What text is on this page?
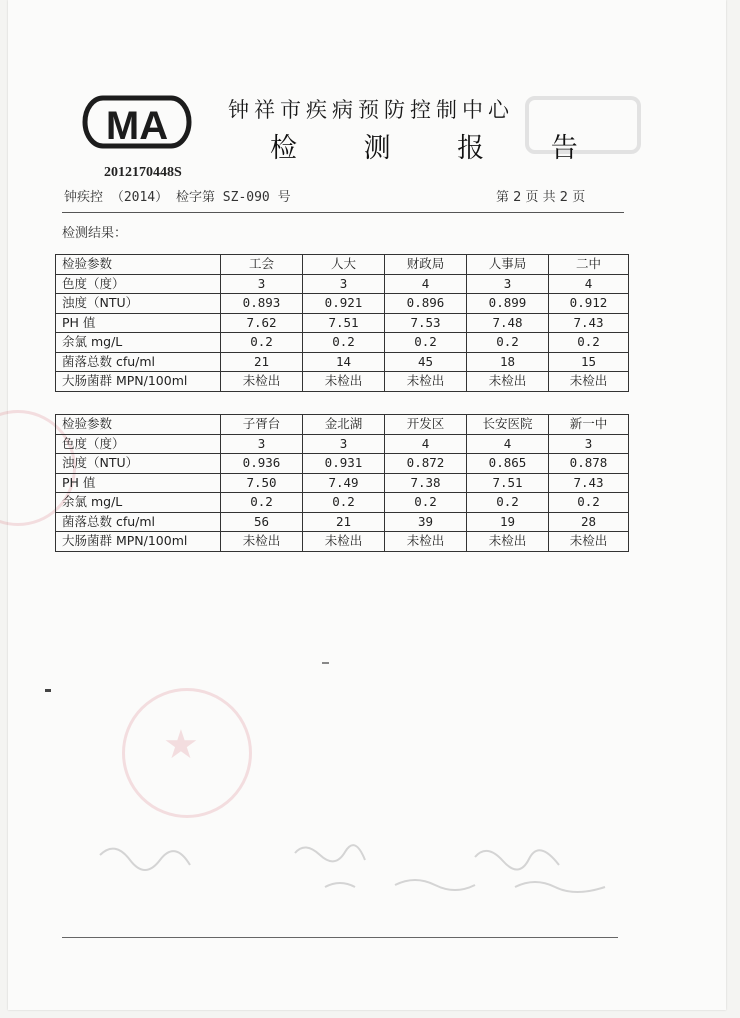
★
MA	钟祥市疾病预防控制中心
检 测 报 告
2012170448S
钟疾控 （2014） 检字第 SZ-090 号	第 2 页 共 2 页
检测结果：
检验参数	工会	人大	财政局	人事局	二中
色度（度）	3	3	4	3	4
浊度（NTU）	0.893	0.921	0.896	0.899	0.912
PH 值	7.62	7.51	7.53	7.48	7.43
余氯 mg/L	0.2	0.2	0.2	0.2	0.2
菌落总数 cfu/ml	21	14	45	18	15
大肠菌群 MPN/100ml	未检出	未检出	未检出	未检出	未检出
检验参数	子胥台	金北湖	开发区	长安医院	新一中
色度（度）	3	3	4	4	3
浊度（NTU）	0.936	0.931	0.872	0.865	0.878
PH 值	7.50	7.49	7.38	7.51	7.43
余氯 mg/L	0.2	0.2	0.2	0.2	0.2
菌落总数 cfu/ml	56	21	39	19	28
大肠菌群 MPN/100ml	未检出	未检出	未检出	未检出	未检出
